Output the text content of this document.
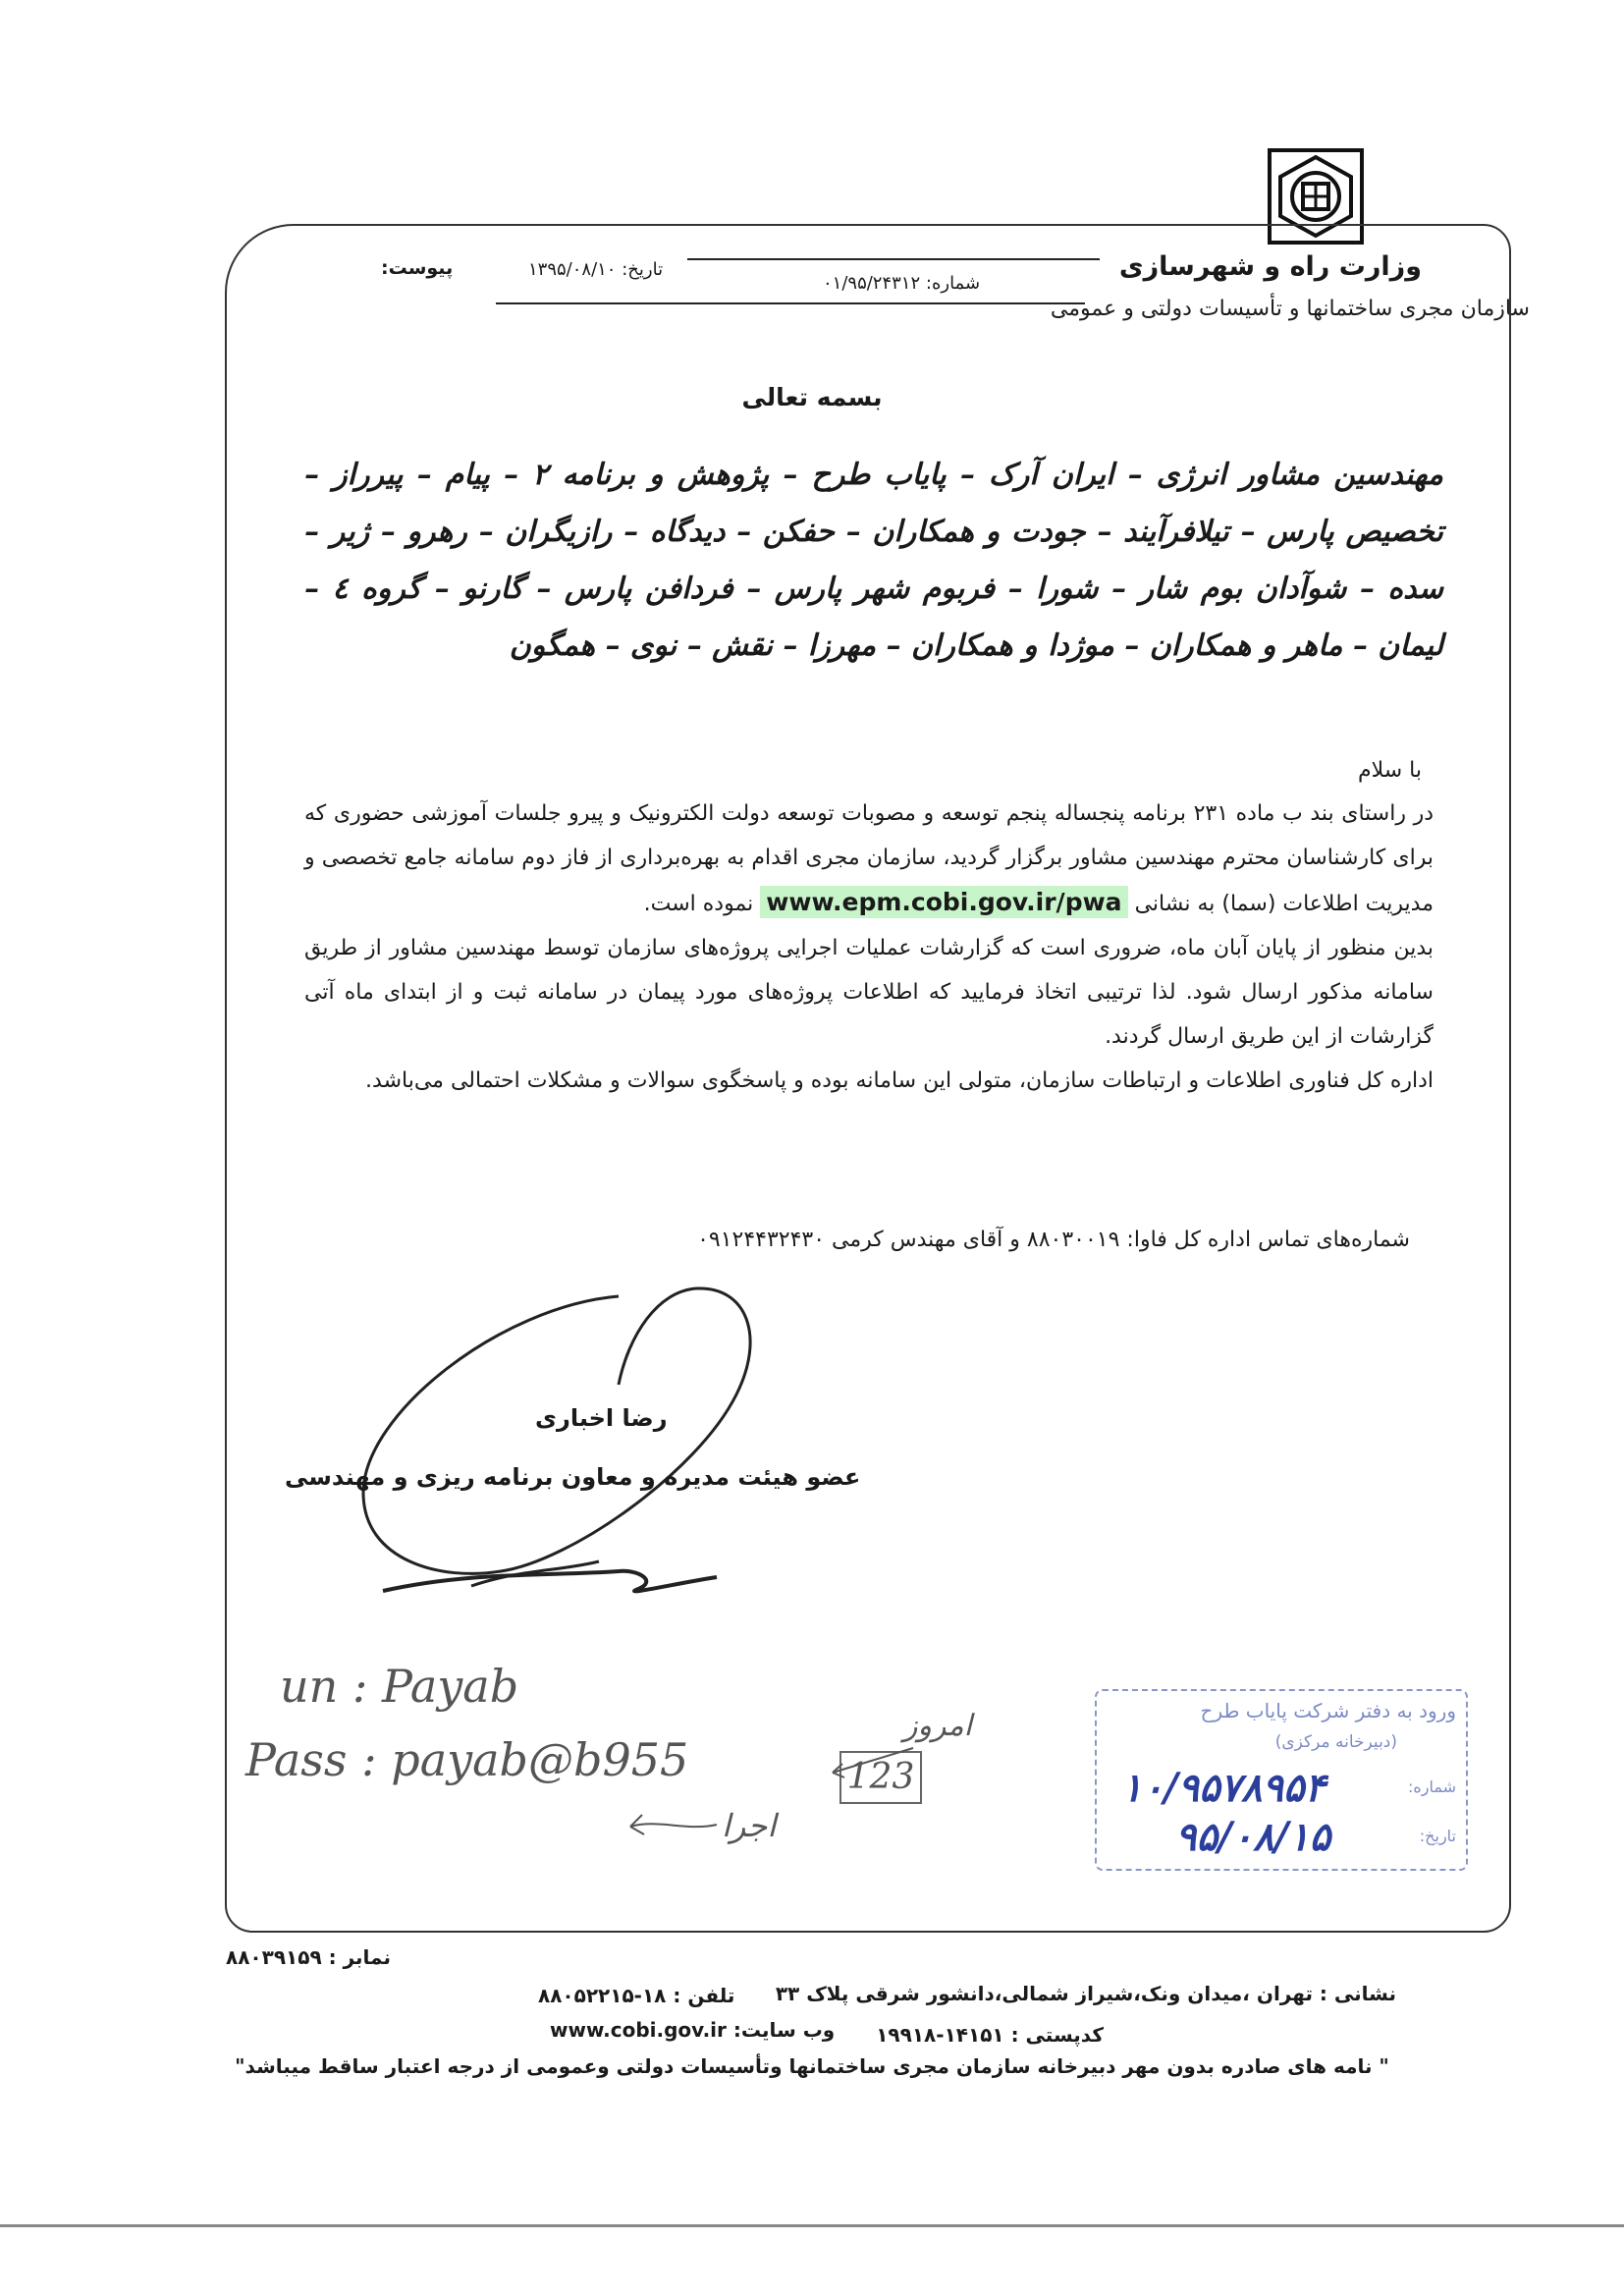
وزارت راه و شهرسازی
سازمان مجری ساختمانها و تأسیسات دولتی و عمومی
شماره: ۰۱/۹۵/۲۴۳۱۲
تاریخ: ۱۳۹۵/۰۸/۱۰
پیوست:
بسمه تعالی
مهندسین مشاور انرژی – ایران آرک – پایاب طرح – پژوهش و برنامه ۲ – پیام – پیرراز – تخصیص پارس – تیلافرآیند – جودت و همکاران – حفکن – دیدگاه – رازیگران – رهرو – ژیر – سده – شوآدان بوم شار – شورا – فربوم شهر پارس – فردافن پارس – گارنو – گروه ٤ – لیمان – ماهر و همکاران – موژدا و همکاران – مهرزا – نقش – نوی – همگون
با سلام

در راستای بند ب ماده ۲۳۱ برنامه پنجساله پنجم توسعه و مصوبات توسعه دولت الکترونیک و پیرو جلسات آموزشی حضوری که برای کارشناسان محترم مهندسین مشاور برگزار گردید، سازمان مجری اقدام به بهره‌برداری از فاز دوم سامانه جامع تخصصی و مدیریت اطلاعات (سما) به نشانی www.epm.cobi.gov.ir/pwa نموده است.

بدین منظور از پایان آبان ماه، ضروری است که گزارشات عملیات اجرایی پروژه‌های سازمان توسط مهندسین مشاور از طریق سامانه مذکور ارسال شود. لذا ترتیبی اتخاذ فرمایید که اطلاعات پروژه‌های مورد پیمان در سامانه ثبت و از ابتدای ماه آتی گزارشات از این طریق ارسال گردند.

اداره کل فناوری اطلاعات و ارتباطات سازمان، متولی این سامانه بوده و پاسخگوی سوالات و مشکلات احتمالی می‌باشد.

شماره‌های تماس اداره کل فاوا: ۸۸۰۳۰۰۱۹ و آقای مهندس کرمی ۰۹۱۲۴۴۳۲۴۳۰
رضا اخباری
عضو هیئت مدیره و معاون برنامه ریزی و مهندسی
un : Payab
Pass : payab@b955	123
امروز
اجرا
ورود به دفتر شرکت پایاب طرح
(دبیرخانه مرکزی)
شماره:
تاریخ:
۱۰/۹۵۷۸۹۵۴
۹۵/۰۸/۱۵
نمابر : ۸۸۰۳۹۱۵۹
تلفن : ۱۸-۸۸۰۵۲۲۱۵
وب سایت: www.cobi.gov.ir
نشانی : تهران ،میدان ونک،شیراز شمالی،دانشور شرقی پلاک ۳۳
کدپستی : ۱۴۱۵۱-۱۹۹۱۸
" نامه های صادره بدون مهر دبیرخانه سازمان مجری ساختمانها وتأسیسات دولتی وعمومی از درجه اعتبار ساقط میباشد"
